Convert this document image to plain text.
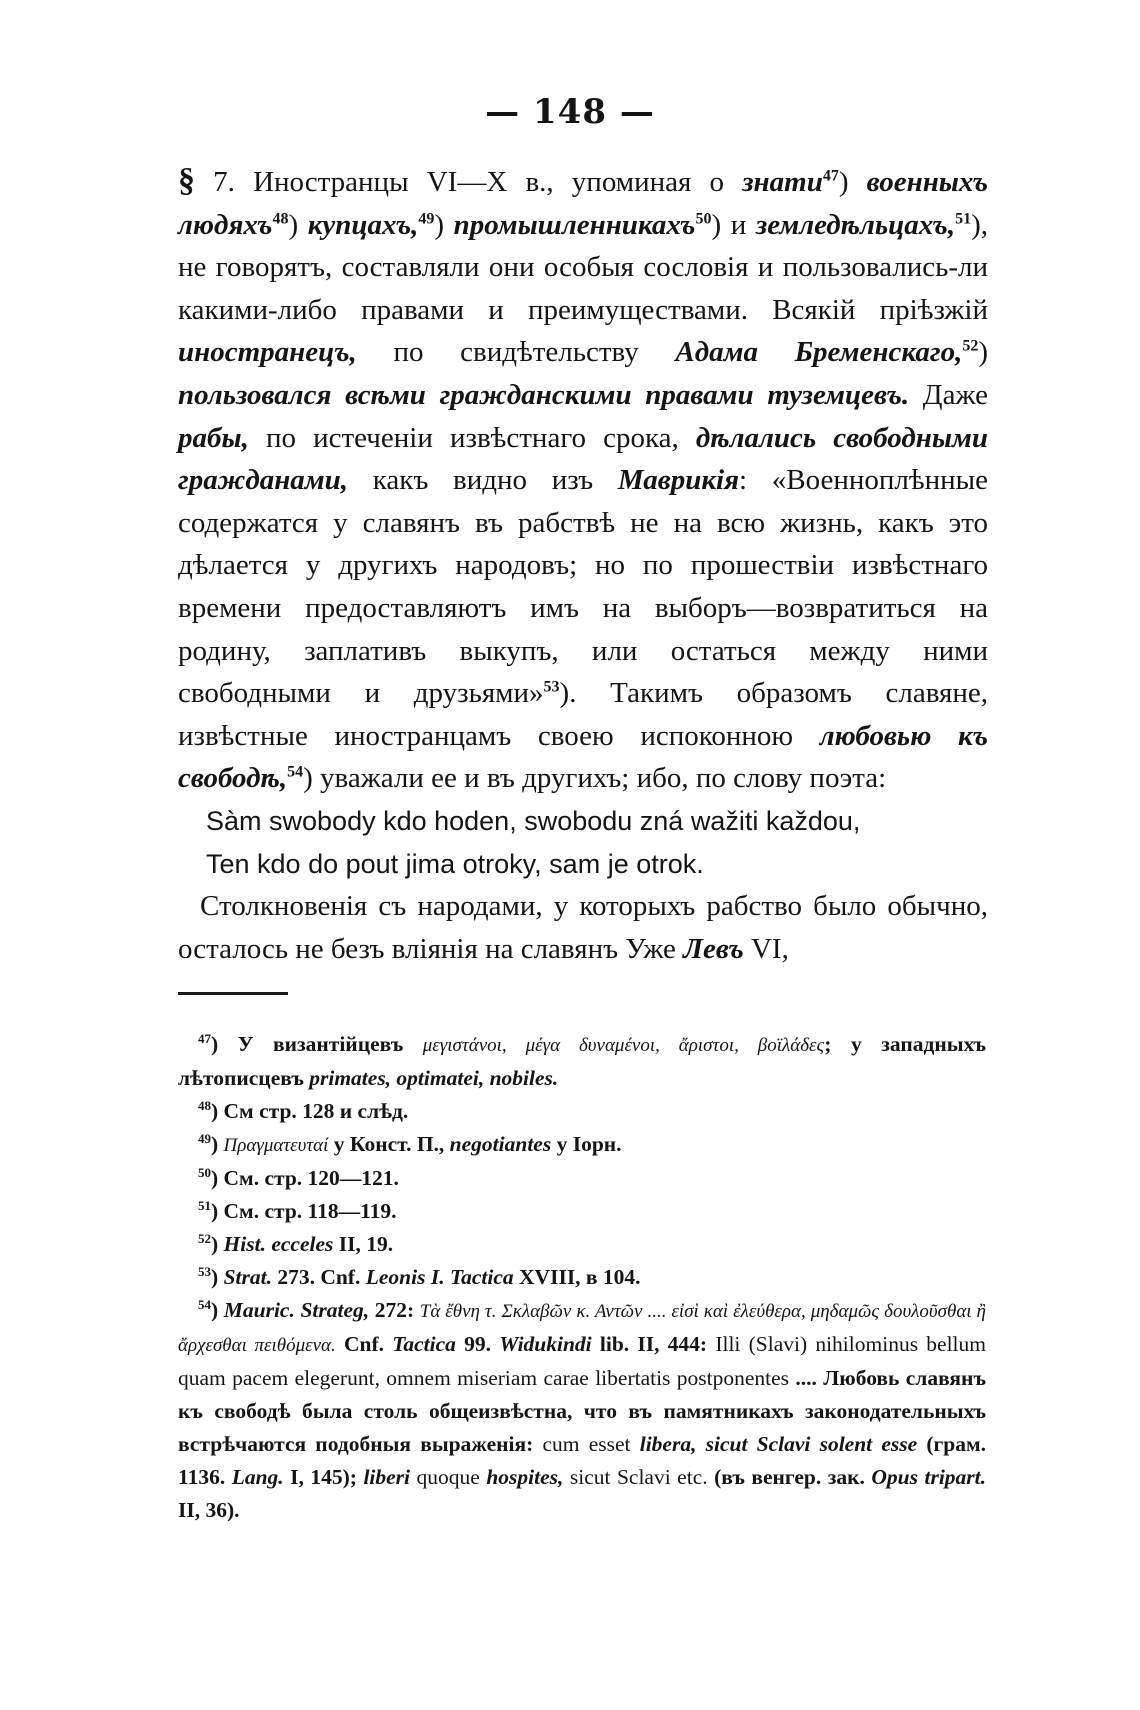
— 148 —

§ 7. Иностранцы VI—X в., упоминая о знати$^{47}$) военныхъ людяхъ$^{48}$) купцахъ,$^{49}$) промышленникахъ$^{50}$) и земледѣльцахъ,$^{51}$), не говорятъ, составляли они особыя сословія и пользовались-ли какими-либо правами и преимуществами. Всякій пріѣзжій иностранецъ, по свидѣтельству Адама Бременскаго,$^{52}$) пользовался всѣми гражданскими правами туземцевъ. Даже рабы, по истеченіи извѣстнаго срока, дѣлались свободными гражданами, какъ видно изъ Маврикія: «Военноплѣнные содержатся у славянъ въ рабствѣ не на всю жизнь, какъ это дѣлается у другихъ народовъ; но по прошествіи извѣстнаго времени предоставляютъ имъ на выборъ—возвратиться на родину, заплативъ выкупъ, или остаться между ними свободными и друзьями»$^{53}$). Такимъ образомъ славяне, извѣстные иностранцамъ своею испоконною любовью къ свободѣ,$^{54}$) уважали ее и въ другихъ; ибо, по слову поэта:

Sàm swobody kdo hoden, swobodu zná wažiti každou,
Ten kdo do pout jima otroky, sam je otrok.

Столкновенія съ народами, у которыхъ рабство было обычно, осталось не безъ вліянія на славянъ Уже Левъ VI,

$^{47}$) У византійцевъ μεγιστάνοι, μέγα δυναμένοι, ἄριστοι, βοϊλάδες; у западныхъ лѣтописцевъ primates, optimatei, nobiles.

$^{48}$) См стр. 128 и слѣд.

$^{49}$) Πραγματευταί у Конст. П., negotiantes у Іорн.

$^{50}$) См. стр. 120—121.

$^{51}$) См. стр. 118—119.

$^{52}$) Hist. ecceles II, 19.

$^{53}$) Strat. 273. Cnf. Leonis I. Tactica XVIII, в 104.

$^{54}$) Mauric. Strateg, 272: Τὰ ἔθνη τ. Σκλαβῶν κ. Αντῶν .... εἰσὶ καὶ ἐλεύθερα, μηδαμῶς δουλοῦσθαι ἢ ἄρχεσθαι πειθόμενα. Cnf. Tactica 99. Widukindi lib. II, 444: Illi (Slavi) nihilominus bellum quam pacem elegerunt, omnem miseriam carae libertatis postponentes .... Любовь славянъ къ свободѣ была столь общеизвѣстна, что въ памятникахъ законодательныхъ встрѣчаются подобныя выраженія: cum esset libera, sicut Sclavi solent esse (грам. 1136. Lang. I, 145); liberi quoque hospites, sicut Sclavi etc. (въ венгер. зак. Opus tripart. II, 36).
